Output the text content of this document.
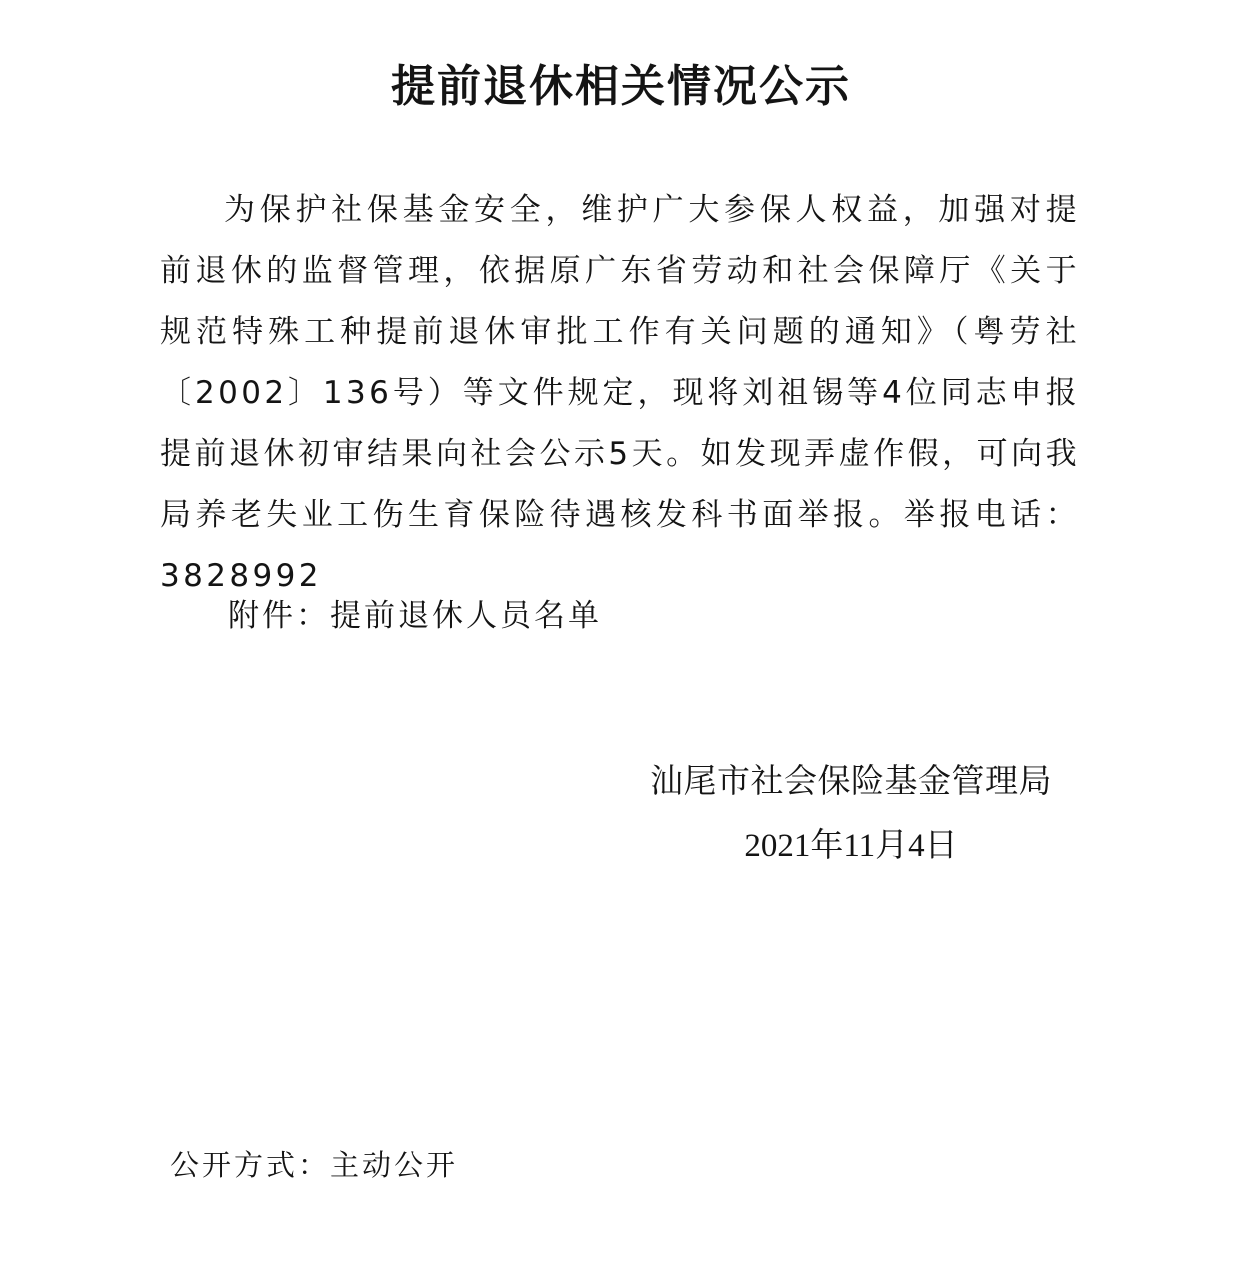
提前退休相关情况公示
为保护社保基金安全，维护广大参保人权益，加强对提前退休的监督管理，依据原广东省劳动和社会保障厅《关于规范特殊工种提前退休审批工作有关问题的通知》（粤劳社〔2002〕136号）等文件规定，现将刘祖锡等4位同志申报提前退休初审结果向社会公示5天。如发现弄虚作假，可向我局养老失业工伤生育保险待遇核发科书面举报。举报电话：3828992
附件：提前退休人员名单
汕尾市社会保险基金管理局
2021年11月4日
公开方式：主动公开
